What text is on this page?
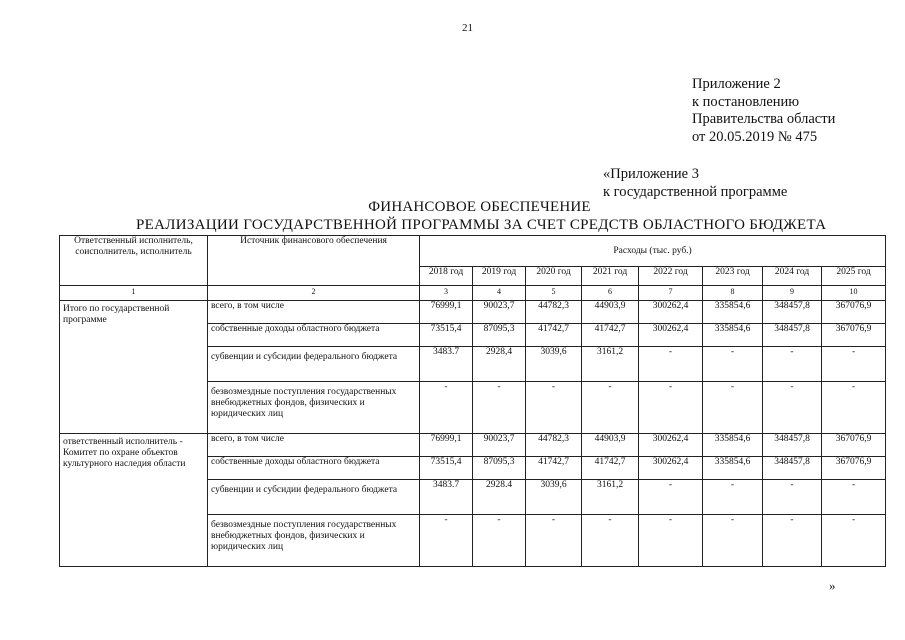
21
Приложение 2
к постановлению
Правительства области
от 20.05.2019 № 475
«Приложение 3
к государственной программе
ФИНАНСОВОЕ ОБЕСПЕЧЕНИЕ
РЕАЛИЗАЦИИ ГОСУДАРСТВЕННОЙ ПРОГРАММЫ ЗА СЧЕТ СРЕДСТВ ОБЛАСТНОГО БЮДЖЕТА
Ответственный исполнитель, соисполнитель, исполнитель	Источник финансового обеспечения	Расходы (тыс. руб.)							
		2018 год	2019 год	2020 год	2021 год	2022 год	2023 год	2024 год	2025 год
1	2	3	4	5	6	7	8	9	10
Итого по государственной программе	всего, в том числе	76999,1	90023,7	44782,3	44903,9	300262,4	335854,6	348457,8	367076,9
	собственные доходы областного бюджета	73515,4	87095,3	41742,7	41742,7	300262,4	335854,6	348457,8	367076,9
	субвенции и субсидии федерального бюджета	3483.7	2928,4	3039,6	3161,2	-	-	-	-
	безвозмездные поступления государственных внебюджетных фондов, физических и юридических лиц	-	-	-	-	-	-	-	-
ответственный исполнитель - Комитет по охране объектов культурного наследия области	всего, в том числе	76999,1	90023,7	44782,3	44903,9	300262,4	335854,6	348457,8	367076,9
	собственные доходы областного бюджета	73515,4	87095,3	41742,7	41742,7	300262,4	335854,6	348457,8	367076,9
	субвенции и субсидии федерального бюджета	3483.7	2928.4	3039,6	3161,2	-	-	-	-
	безвозмездные поступления государственных внебюджетных фондов, физических и юридических лиц	-	-	-	-	-	-	-	-
»
